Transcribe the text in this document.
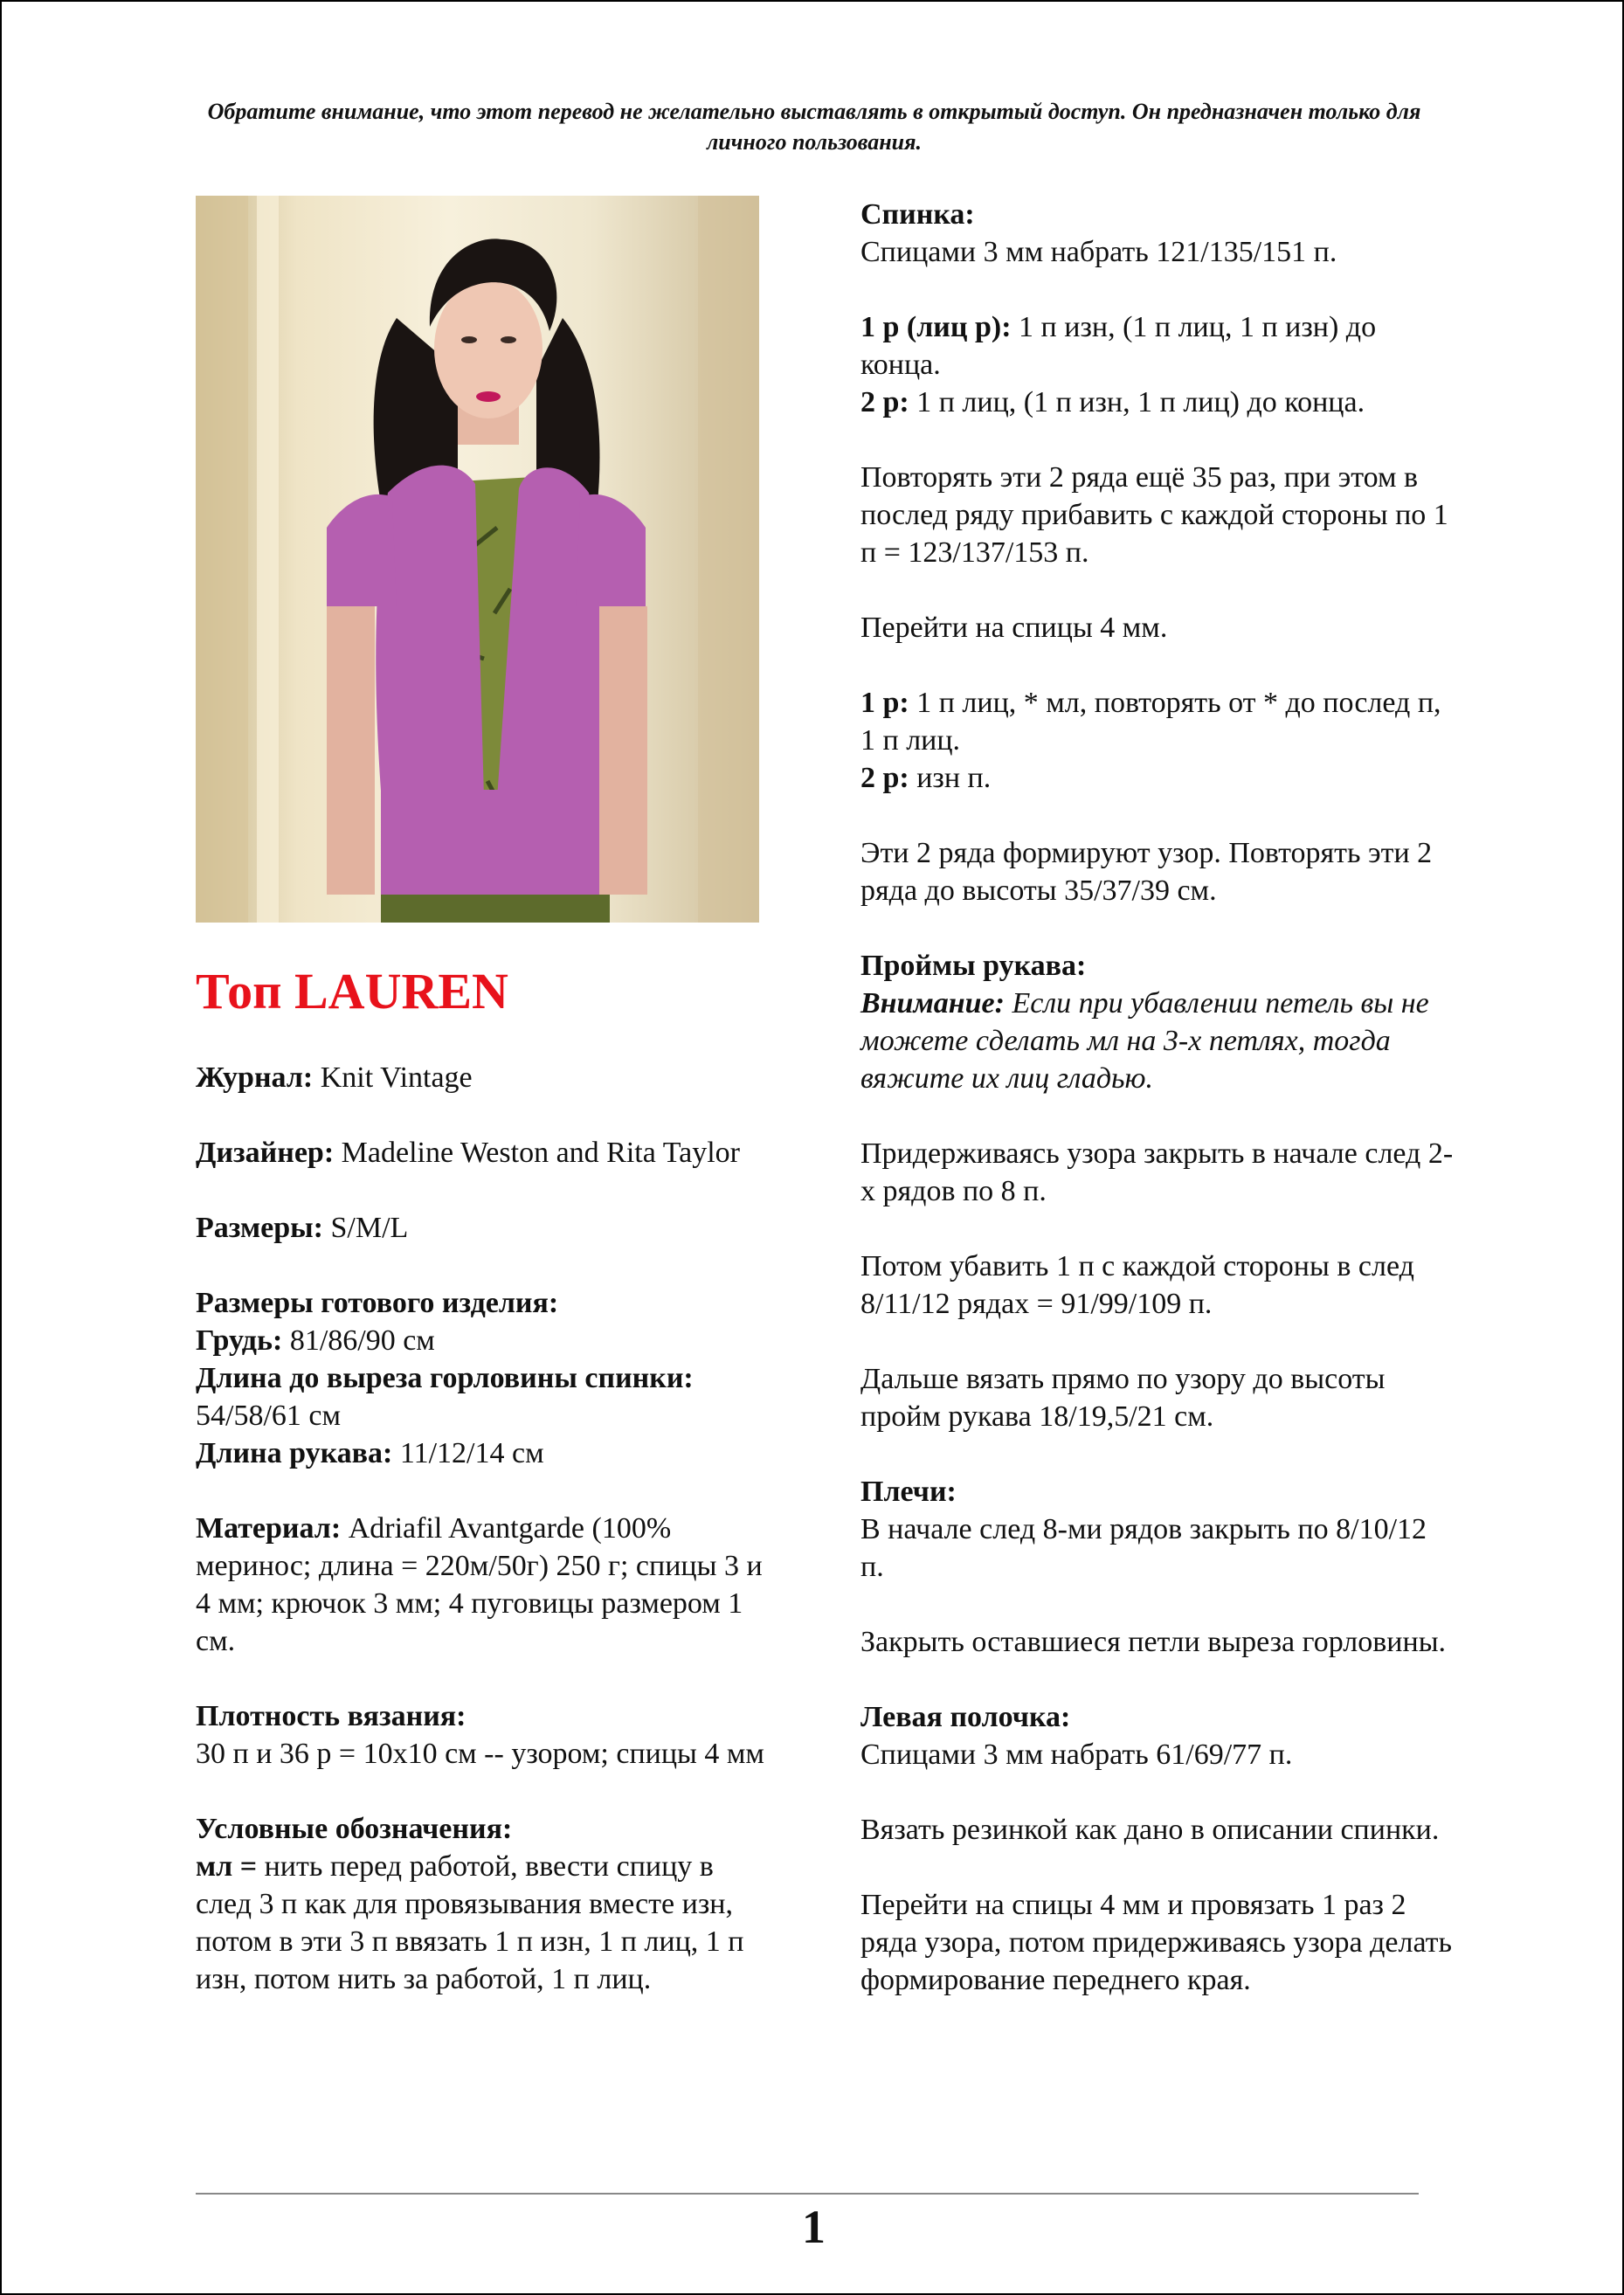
Обратите внимание, что этот перевод не желательно выставлять в открытый доступ. Он предназначен только для личного пользования.
Топ LAUREN
Журнал: Knit Vintage
Дизайнер: Madeline Weston and Rita Taylor
Размеры: S/M/L
Размеры готового изделия:
Грудь: 81/86/90 см
Длина до выреза горловины спинки:
54/58/61 см
Длина рукава: 11/12/14 см
Материал: Adriafil Avantgarde (100% меринос; длина = 220м/50г) 250 г; спицы 3 и 4 мм; крючок 3 мм; 4 пуговицы размером 1 см.
Плотность вязания:
30 п и 36 р = 10х10 см -- узором; спицы 4 мм
Условные обозначения:
мл = нить перед работой, ввести спицу в след 3 п как для провязывания вместе изн, потом в эти 3 п ввязать 1 п изн, 1 п лиц, 1 п изн, потом нить за работой, 1 п лиц.
Спинка:
Спицами 3 мм набрать 121/135/151 п.
1 р (лиц р): 1 п изн, (1 п лиц, 1 п изн) до конца.
2 р: 1 п лиц, (1 п изн, 1 п лиц) до конца.
Повторять эти 2 ряда ещё 35 раз, при этом в послед ряду прибавить с каждой стороны по 1 п = 123/137/153 п.
Перейти на спицы 4 мм.
1 р: 1 п лиц, * мл, повторять от * до послед п, 1 п лиц.
2 р: изн п.
Эти 2 ряда формируют узор. Повторять эти 2 ряда до высоты 35/37/39 см.
Проймы рукава:
Внимание: Если при убавлении петель вы не можете сделать мл на 3-х петлях, тогда вяжите их лиц гладью.
Придерживаясь узора закрыть в начале след 2-х рядов по 8 п.
Потом убавить 1 п с каждой стороны в след 8/11/12 рядах = 91/99/109 п.
Дальше вязать прямо по узору до высоты пройм рукава 18/19,5/21 см.
Плечи:
В начале след 8-ми рядов закрыть по 8/10/12 п.
Закрыть оставшиеся петли выреза горловины.
Левая полочка:
Спицами 3 мм набрать 61/69/77 п.
Вязать резинкой как дано в описании спинки.
Перейти на спицы 4 мм и провязать 1 раз 2 ряда узора, потом придерживаясь узора делать формирование переднего края.
1
